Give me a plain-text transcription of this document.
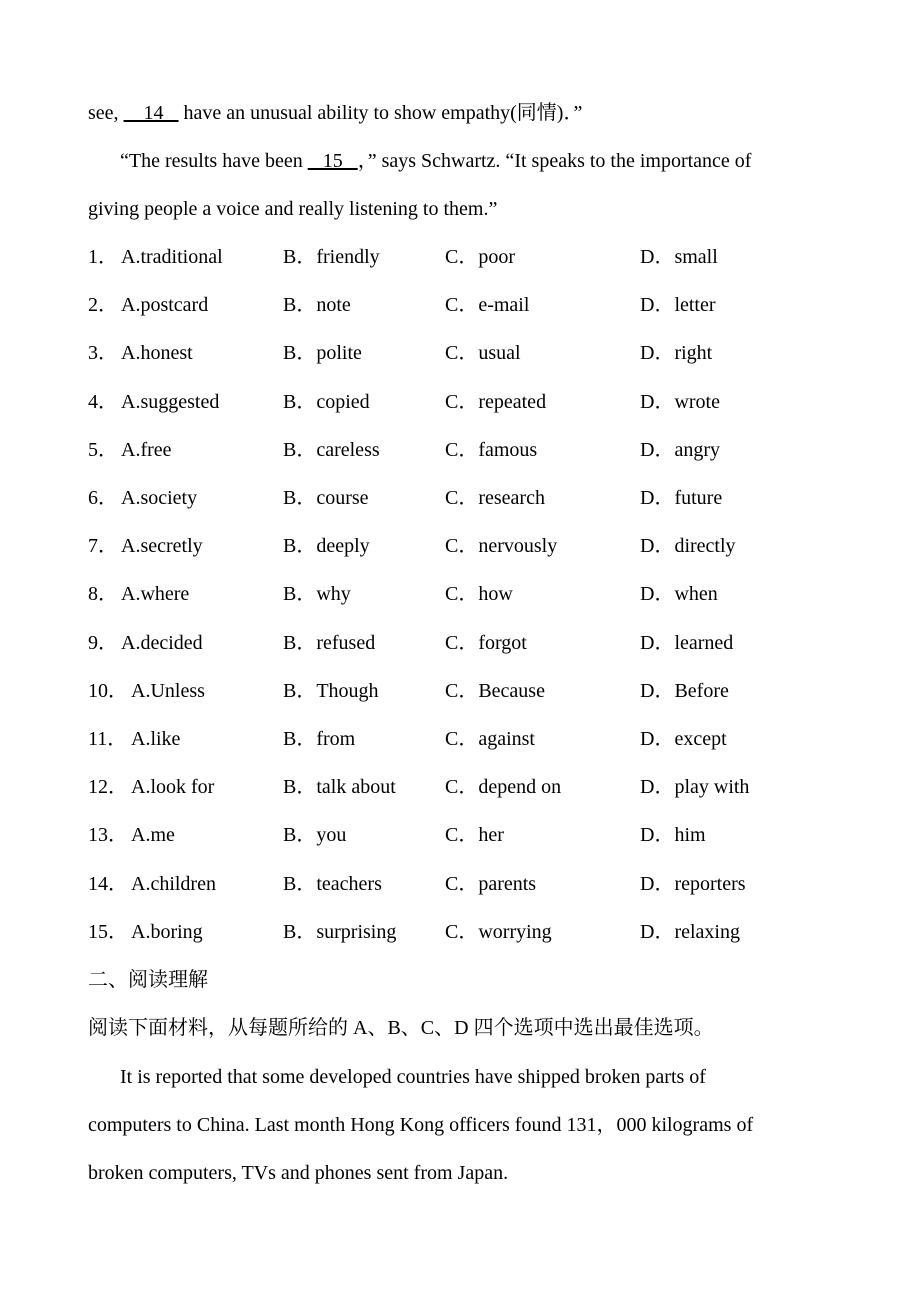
see,     14    have an unusual ability to show empathy(同情)．”
“The results have been    15   ，” says Schwartz. “It speaks to the importance of
giving people a voice and really listening to them.”
1． A.traditional	B．friendly	C．poor	D．small
2． A.postcard	B．note	C．e-mail	D．letter
3． A.honest	B．polite	C．usual	D．right
4． A.suggested	B．copied	C．repeated	D．wrote
5． A.free	B．careless	C．famous	D．angry
6． A.society	B．course	C．research	D．future
7． A.secretly	B．deeply	C．nervously	D．directly
8． A.where	B．why	C．how	D．when
9． A.decided	B．refused	C．forgot	D．learned
10． A.Unless	B．Though	C．Because	D．Before
11． A.like	B．from	C．against	D．except
12． A.look for	B．talk about C．depend on	D．play with
13． A.me	B．you	C．her	D．him
14． A.children	B．teachers	C．parents	D．reporters
15． A.boring	B．surprising C．worrying	D．relaxing
二、阅读理解
阅读下面材料，从每题所给的 A、B、C、D 四个选项中选出最佳选项。
It is reported that some developed countries have shipped broken parts of
computers to China. Last month Hong Kong officers found 131，000 kilograms of
broken computers, TVs and phones sent from Japan.
